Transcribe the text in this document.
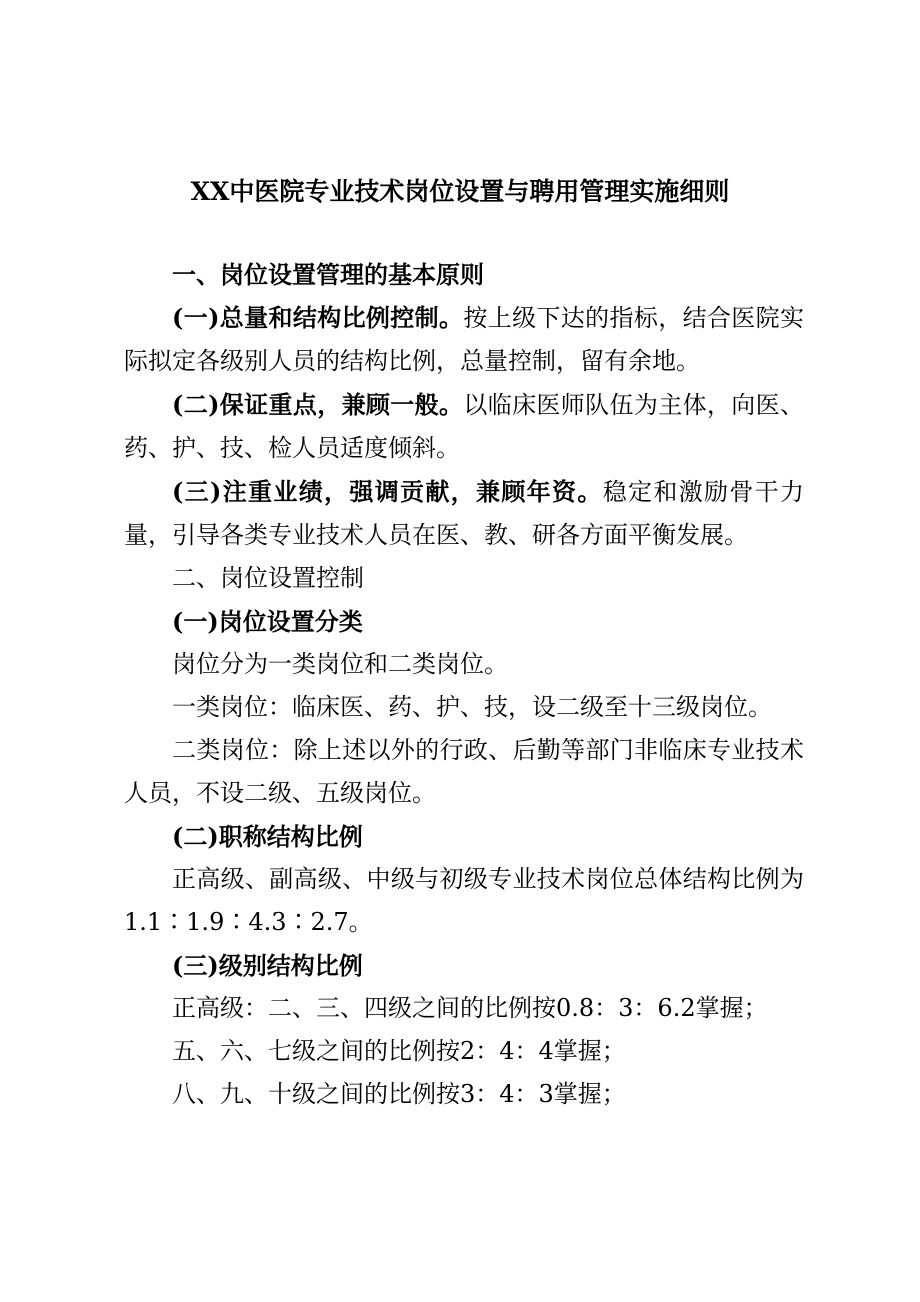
XX中医院专业技术岗位设置与聘用管理实施细则

一、岗位设置管理的基本原则

(一)总量和结构比例控制。按上级下达的指标，结合医院实际拟定各级别人员的结构比例，总量控制，留有余地。

(二)保证重点，兼顾一般。以临床医师队伍为主体，向医、药、护、技、检人员适度倾斜。

(三)注重业绩，强调贡献，兼顾年资。稳定和激励骨干力量，引导各类专业技术人员在医、教、研各方面平衡发展。

二、岗位设置控制

(一)岗位设置分类

岗位分为一类岗位和二类岗位。

一类岗位：临床医、药、护、技，设二级至十三级岗位。

二类岗位：除上述以外的行政、后勤等部门非临床专业技术人员，不设二级、五级岗位。

(二)职称结构比例

正高级、副高级、中级与初级专业技术岗位总体结构比例为1.1∶1.9∶4.3∶2.7。

(三)级别结构比例

正高级：二、三、四级之间的比例按0.8：3：6.2掌握；

五、六、七级之间的比例按2：4：4掌握；

八、九、十级之间的比例按3：4：3掌握；
